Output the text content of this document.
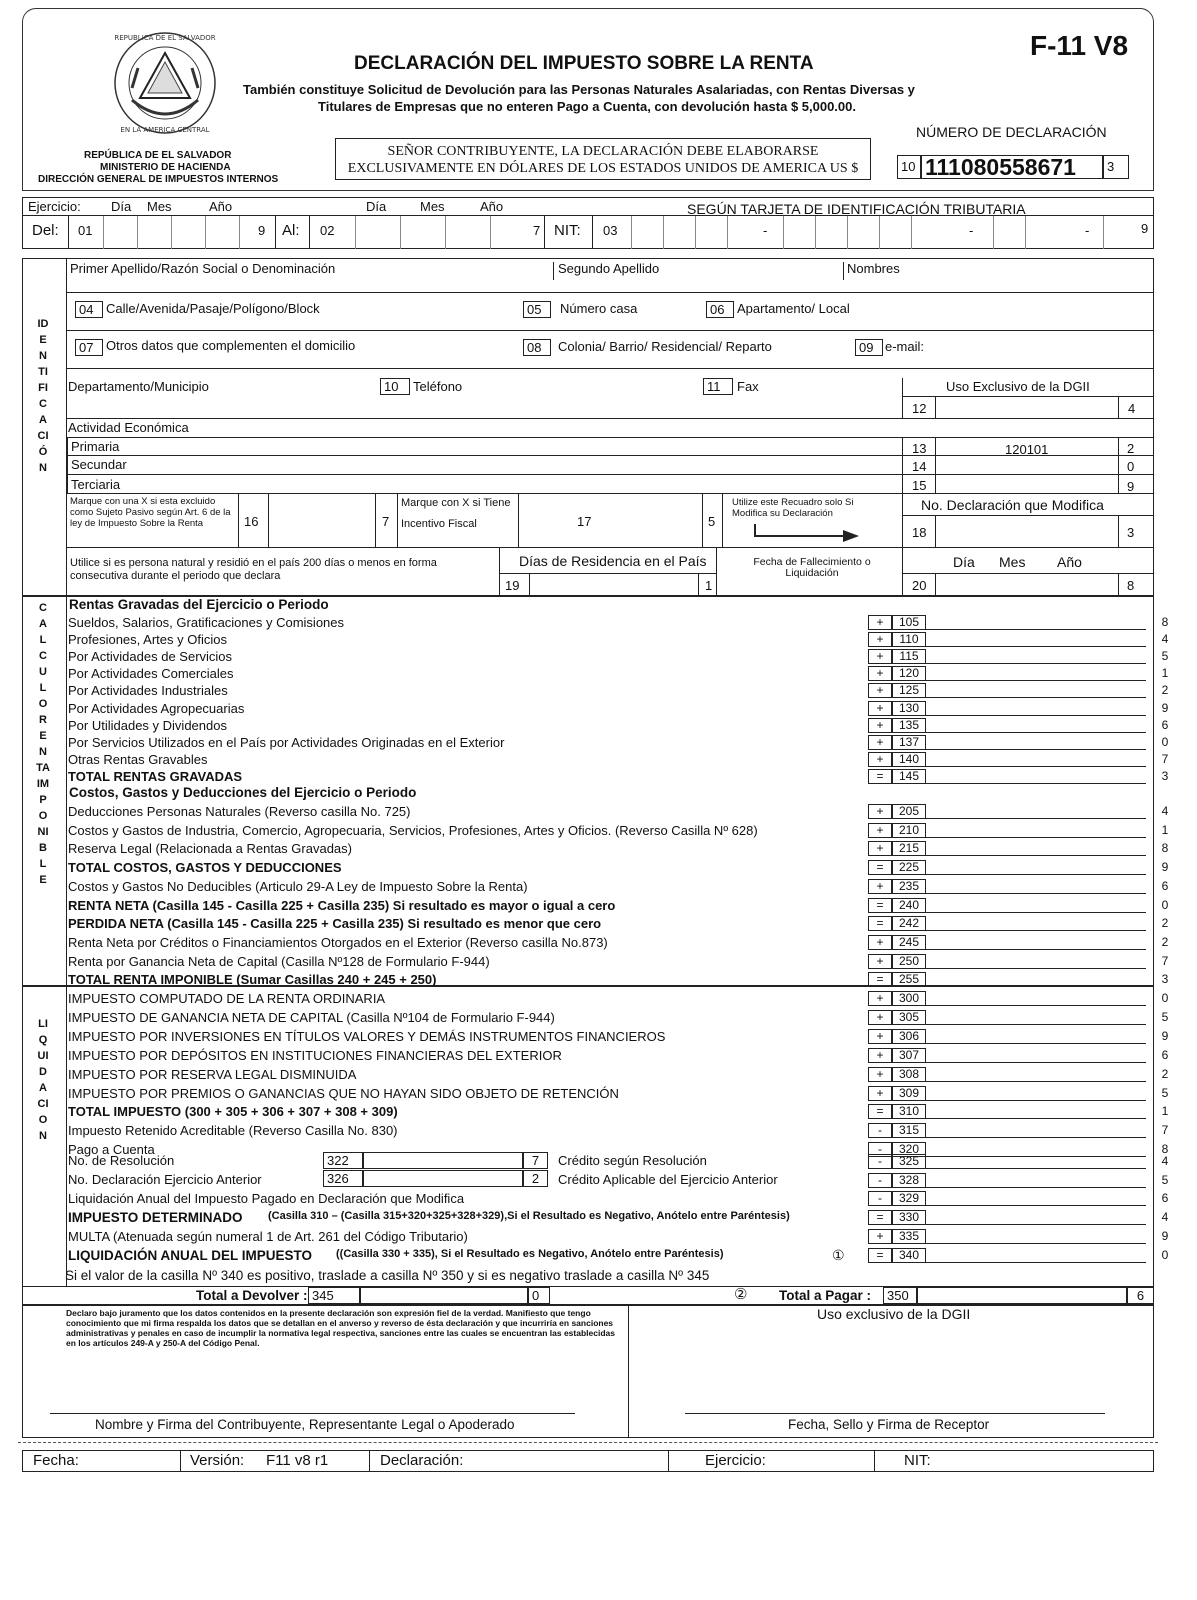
REPUBLICA DE EL SALVADOR
EN LA AMERICA CENTRAL
DECLARACIÓN DEL IMPUESTO SOBRE LA RENTA
F-11 V8
También constituye Solicitud de Devolución para las Personas Naturales Asalariadas, con Rentas Diversas y
Titulares de Empresas que no enteren Pago a Cuenta, con devolución hasta $ 5,000.00.
REPÚBLICA DE EL SALVADOR
MINISTERIO DE HACIENDA
DIRECCIÓN GENERAL DE IMPUESTOS INTERNOS
SEÑOR CONTRIBUYENTE, LA DECLARACIÓN DEBE ELABORARSE
EXCLUSIVAMENTE EN DÓLARES DE LOS ESTADOS UNIDOS DE AMERICA US $
NÚMERO DE DECLARACIÓN
10 111080558671	3
Ejercicio: Día Mes	Año	Día	Mes	Año	SEGÚN TARJETA DE IDENTIFICACIÓN TRIBUTARIA
Del: 01	9 Al: 02	7 NIT: 03	-	-	-	9
IDENTIFICACIÓN
Primer Apellido/Razón Social o Denominación	Segundo Apellido	Nombres
04 Calle/Avenida/Pasaje/Polígono/Block	05	Número casa	06 Apartamento/ Local
07 Otros datos que complementen el domicilio	08	Colonia/ Barrio/ Residencial/ Reparto	09 e-mail:
Departamento/Municipio	10	Teléfono	11	Fax	Uso Exclusivo de la DGII
12	4
Actividad Económica
Primaria	13	120101	2
Secundar	14	0
Terciaria	15	9
Marque con una X si esta excluido como Sujeto Pasivo según Art. 6 de la ley de Impuesto Sobre la Renta	16	7
Marque con X si Tiene
Incentivo Fiscal	17	5
Utilize este Recuadro solo Si Modifica su Declaración
No. Declaración que Modifica
18	3
Utilice si es persona natural y residió en el país 200 días o menos en forma consecutiva durante el periodo que declara
Días de Residencia en el País
19	1
Fecha de Fallecimiento o Liquidación
Día Mes Año
20	8
CALCULO RENTA IMPONIBLE
Rentas Gravadas del Ejercicio o Periodo
Sueldos, Salarios, Gratificaciones y Comisiones	+	105	8
Profesiones, Artes y Oficios	+	110	4
Por Actividades de Servicios	+	115	5
Por Actividades Comerciales	+	120	1
Por Actividades Industriales	+	125	2
Por Actividades Agropecuarias	+	130	9
Por Utilidades y Dividendos	+	135	6
Por Servicios Utilizados en el País por Actividades Originadas en el Exterior	+	137	0
Otras Rentas Gravables	+	140	7
TOTAL RENTAS GRAVADAS	=	145	3
Costos, Gastos y Deducciones del Ejercicio o Periodo
Deducciones Personas Naturales (Reverso casilla No. 725)	+	205	4
Costos y Gastos de Industria, Comercio, Agropecuaria, Servicios, Profesiones, Artes y Oficios. (Reverso Casilla Nº 628)	+	210	1
Reserva Legal (Relacionada a Rentas Gravadas)	+	215	8
TOTAL COSTOS, GASTOS Y DEDUCCIONES	=	225	9
Costos y Gastos No Deducibles (Articulo 29-A Ley de Impuesto Sobre la Renta)	+	235	6
RENTA NETA (Casilla 145 - Casilla 225 + Casilla 235) Si resultado es mayor o igual a cero	=	240	0
PERDIDA NETA (Casilla 145 - Casilla 225 + Casilla 235) Si resultado es menor que cero	=	242	2
Renta Neta por Créditos o Financiamientos Otorgados en el Exterior (Reverso casilla No.873)	+	245	2
Renta por Ganancia Neta de Capital (Casilla Nº128 de Formulario F-944)	+	250	7
TOTAL RENTA IMPONIBLE (Sumar Casillas 240 + 245 + 250)	=	255	3
LIQUIDACION
IMPUESTO COMPUTADO DE LA RENTA ORDINARIA	+	300	0
IMPUESTO DE GANANCIA NETA DE CAPITAL (Casilla Nº104 de Formulario F-944)	+	305	5
IMPUESTO POR INVERSIONES EN TÍTULOS VALORES Y DEMÁS INSTRUMENTOS FINANCIEROS	+	306	9
IMPUESTO POR DEPÓSITOS EN INSTITUCIONES FINANCIERAS DEL EXTERIOR	+	307	6
IMPUESTO POR RESERVA LEGAL DISMINUIDA	+	308	2
IMPUESTO POR PREMIOS O GANANCIAS QUE NO HAYAN SIDO OBJETO DE RETENCIÓN	+	309	5
TOTAL IMPUESTO (300 + 305 + 306 + 307 + 308 + 309)	=	310	1
Impuesto Retenido Acreditable (Reverso Casilla No. 830)	-	315	7
Pago a Cuenta	-	320	8
No. de Resolución	322	7	Crédito según Resolución	-	325	4
No. Declaración Ejercicio Anterior	326	2	Crédito Aplicable del Ejercicio Anterior	-	328	5
Liquidación Anual del Impuesto Pagado en Declaración que Modifica	-	329	6
IMPUESTO DETERMINADO (Casilla 310 – (Casilla 315+320+325+328+329),Si el Resultado es Negativo, Anótelo entre Paréntesis)	=	330	4
MULTA (Atenuada según numeral 1 de Art. 261 del Código Tributario)	+	335	9
LIQUIDACIÓN ANUAL DEL IMPUESTO ((Casilla 330 + 335), Si el Resultado es Negativo, Anótelo entre Paréntesis)	①	=	340	0
Si el valor de la casilla Nº 340 es positivo, traslade a casilla Nº 350 y si es negativo traslade a casilla Nº 345
Total a Devolver : 345	0	② Total a Pagar :	350	6
Declaro bajo juramento que los datos contenidos en la presente declaración son expresión fiel de la verdad. Manifiesto que tengo conocimiento que mi firma respalda los datos que se detallan en el anverso y reverso de ésta declaración y que incurriría en sanciones administrativas y penales en caso de incumplir la normativa legal respectiva, sanciones entre las cuales se encuentran las establecidas en los artículos 249-A y 250-A del Código Penal.
Uso exclusivo de la DGII
Nombre y Firma del Contribuyente, Representante Legal o Apoderado	Fecha, Sello y Firma de Receptor
Fecha:	Versión: F11 v8 r1	Declaración:	Ejercicio:	NIT:
